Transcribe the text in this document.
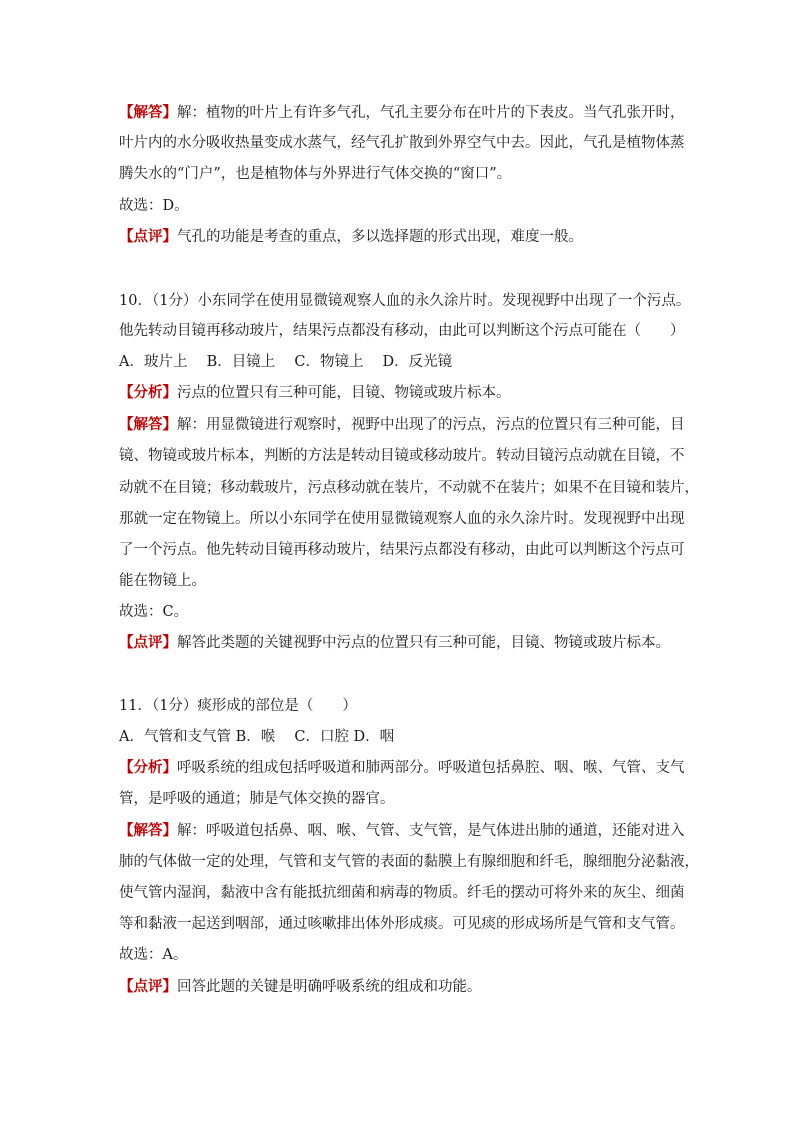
【解答】解：植物的叶片上有许多气孔，气孔主要分布在叶片的下表皮。当气孔张开时，
叶片内的水分吸收热量变成水蒸气，经气孔扩散到外界空气中去。因此，气孔是植物体蒸
腾失水的“门户”，也是植物体与外界进行气体交换的“窗口”。
故选：D。
【点评】气孔的功能是考查的重点，多以选择题的形式出现，难度一般。
10．（1分）小东同学在使用显微镜观察人血的永久涂片时。发现视野中出现了一个污点。
他先转动目镜再移动玻片，结果污点都没有移动，由此可以判断这个污点可能在（　　）
A．玻片上　 B．目镜上　 C．物镜上　 D．反光镜
【分析】污点的位置只有三种可能，目镜、物镜或玻片标本。
【解答】解：用显微镜进行观察时，视野中出现了的污点，污点的位置只有三种可能，目
镜、物镜或玻片标本，判断的方法是转动目镜或移动玻片。转动目镜污点动就在目镜，不
动就不在目镜；移动载玻片，污点移动就在装片，不动就不在装片；如果不在目镜和装片，
那就一定在物镜上。所以小东同学在使用显微镜观察人血的永久涂片时。发现视野中出现
了一个污点。他先转动目镜再移动玻片，结果污点都没有移动，由此可以判断这个污点可
能在物镜上。
故选：C。
【点评】解答此类题的关键视野中污点的位置只有三种可能，目镜、物镜或玻片标本。
11．（1分）痰形成的部位是（　　）
A．气管和支气管 B．喉　 C．口腔 D．咽
【分析】呼吸系统的组成包括呼吸道和肺两部分。呼吸道包括鼻腔、咽、喉、气管、支气
管，是呼吸的通道；肺是气体交换的器官。
【解答】解：呼吸道包括鼻、咽、喉、气管、支气管，是气体进出肺的通道，还能对进入
肺的气体做一定的处理，气管和支气管的表面的黏膜上有腺细胞和纤毛，腺细胞分泌黏液，
使气管内湿润，黏液中含有能抵抗细菌和病毒的物质。纤毛的摆动可将外来的灰尘、细菌
等和黏液一起送到咽部，通过咳嗽排出体外形成痰。可见痰的形成场所是气管和支气管。
故选：A。
【点评】回答此题的关键是明确呼吸系统的组成和功能。
